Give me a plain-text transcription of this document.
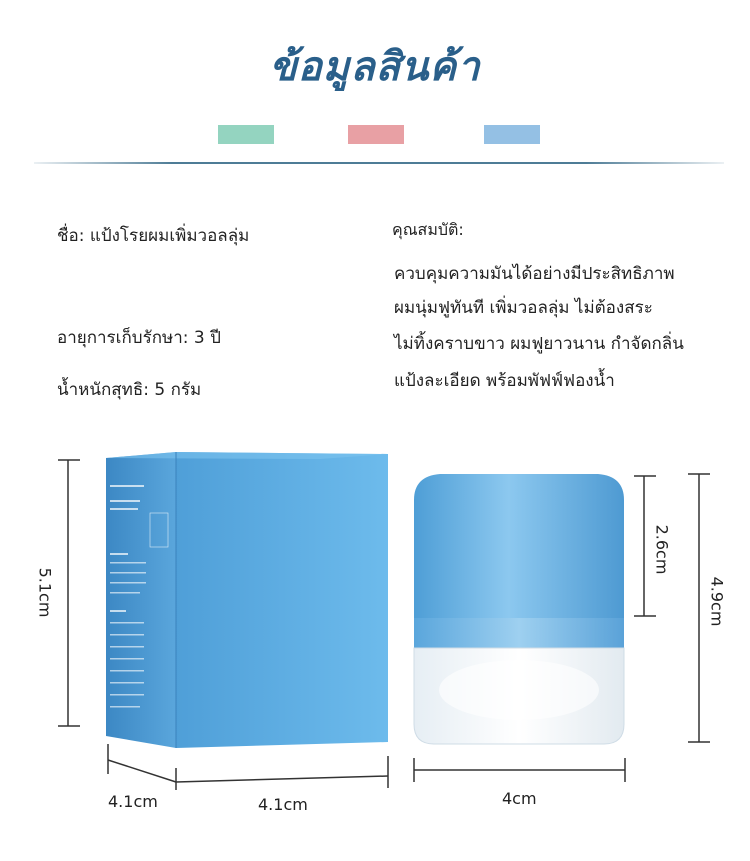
ข้อมูลสินค้า
ชื่อ: แป้งโรยผมเพิ่มวอลลุ่ม
อายุการเก็บรักษา: 3 ปี
น้ำหนักสุทธิ: 5 กรัม
คุณสมบัติ:
ควบคุมความมันได้อย่างมีประสิทธิภาพ
ผมนุ่มฟูทันที เพิ่มวอลลุ่ม ไม่ต้องสระ
ไม่ทิ้งคราบขาว ผมฟูยาวนาน กำจัดกลิ่น
แป้งละเอียด พร้อมพัฟฟ์ฟองน้ำ
5.1cm
4.1cm	4.1cm	4cm
2.6cm
4.9cm
